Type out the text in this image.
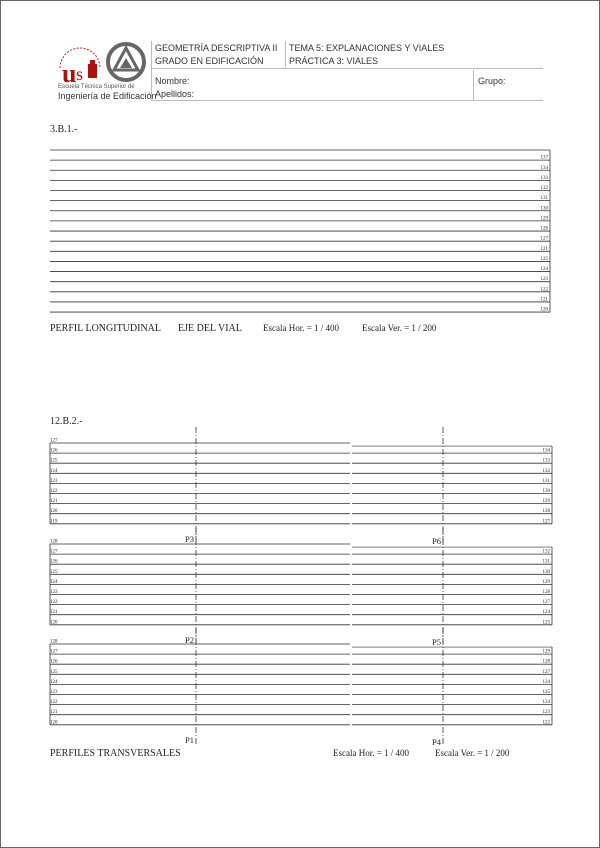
u s
Escuela Técnica Superior de
Ingeniería de Edificación
GEOMETRÍA DESCRIPTIVA II
GRADO EN EDIFICACIÓN
TEMA 5: EXPLANACIONES Y VIALES
PRÁCTICA 3: VIALES
Nombre:
Apellidos:
Grupo:
3.B.1.-
137
134
133
132
131
130
129
128
127
121
125
124
123
122
121
120
PERFIL LONGITUDINAL EJE DEL VIAL Escala Hor. = 1 / 400	Escala Ver. = 1 / 200
12.B.2.-
127
126
125
124
123
122
121
120
119
P3
134
133
132
131
130
129
128
127
P6
128
127
126
125
124
123
122
121
120
P2
132
131
130
129
128
127
124
125
P5
128
127
126
125
124
123
122
121
120
P1
129
128
127
124
125
124
123
122
P4
PERFILES TRANSVERSALES	Escala Hor. = 1 / 400	Escala Ver. = 1 / 200
